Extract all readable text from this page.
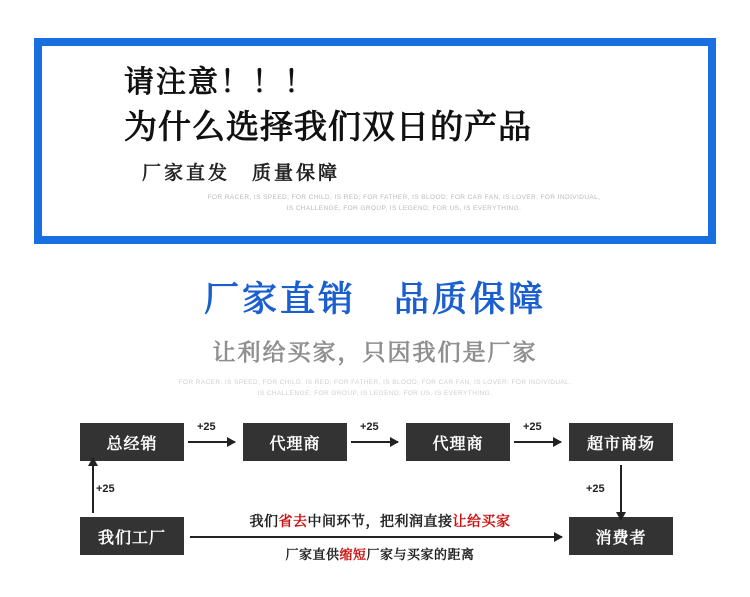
请注意！！！
为什么选择我们双日的产品
厂家直发　质量保障
FOR RACER, IS SPEED; FOR CHILD, IS RED; FOR FATHER, IS BLOOD; FOR CAR FAN, IS LOVER; FOR INDIVIDUAL,
IS CHALLENGE; FOR GROUP, IS LEGEND; FOR US, IS EVERYTHING.
厂家直销　品质保障
让利给买家，只因我们是厂家
FOR RACER, IS SPEED; FOR CHILD, IS RED; FOR FATHER, IS BLOOD; FOR CAR FAN, IS LOVER; FOR INDIVIDUAL,
IS CHALLENGE; FOR GROUP, IS LEGEND; FOR US, IS EVERYTHING.
总经销	代理商	代理商	超市商场
我们工厂	消费者
+25	+25	+25
+25	+25
我们省去中间环节，把利润直接让给买家
厂家直供缩短厂家与买家的距离
